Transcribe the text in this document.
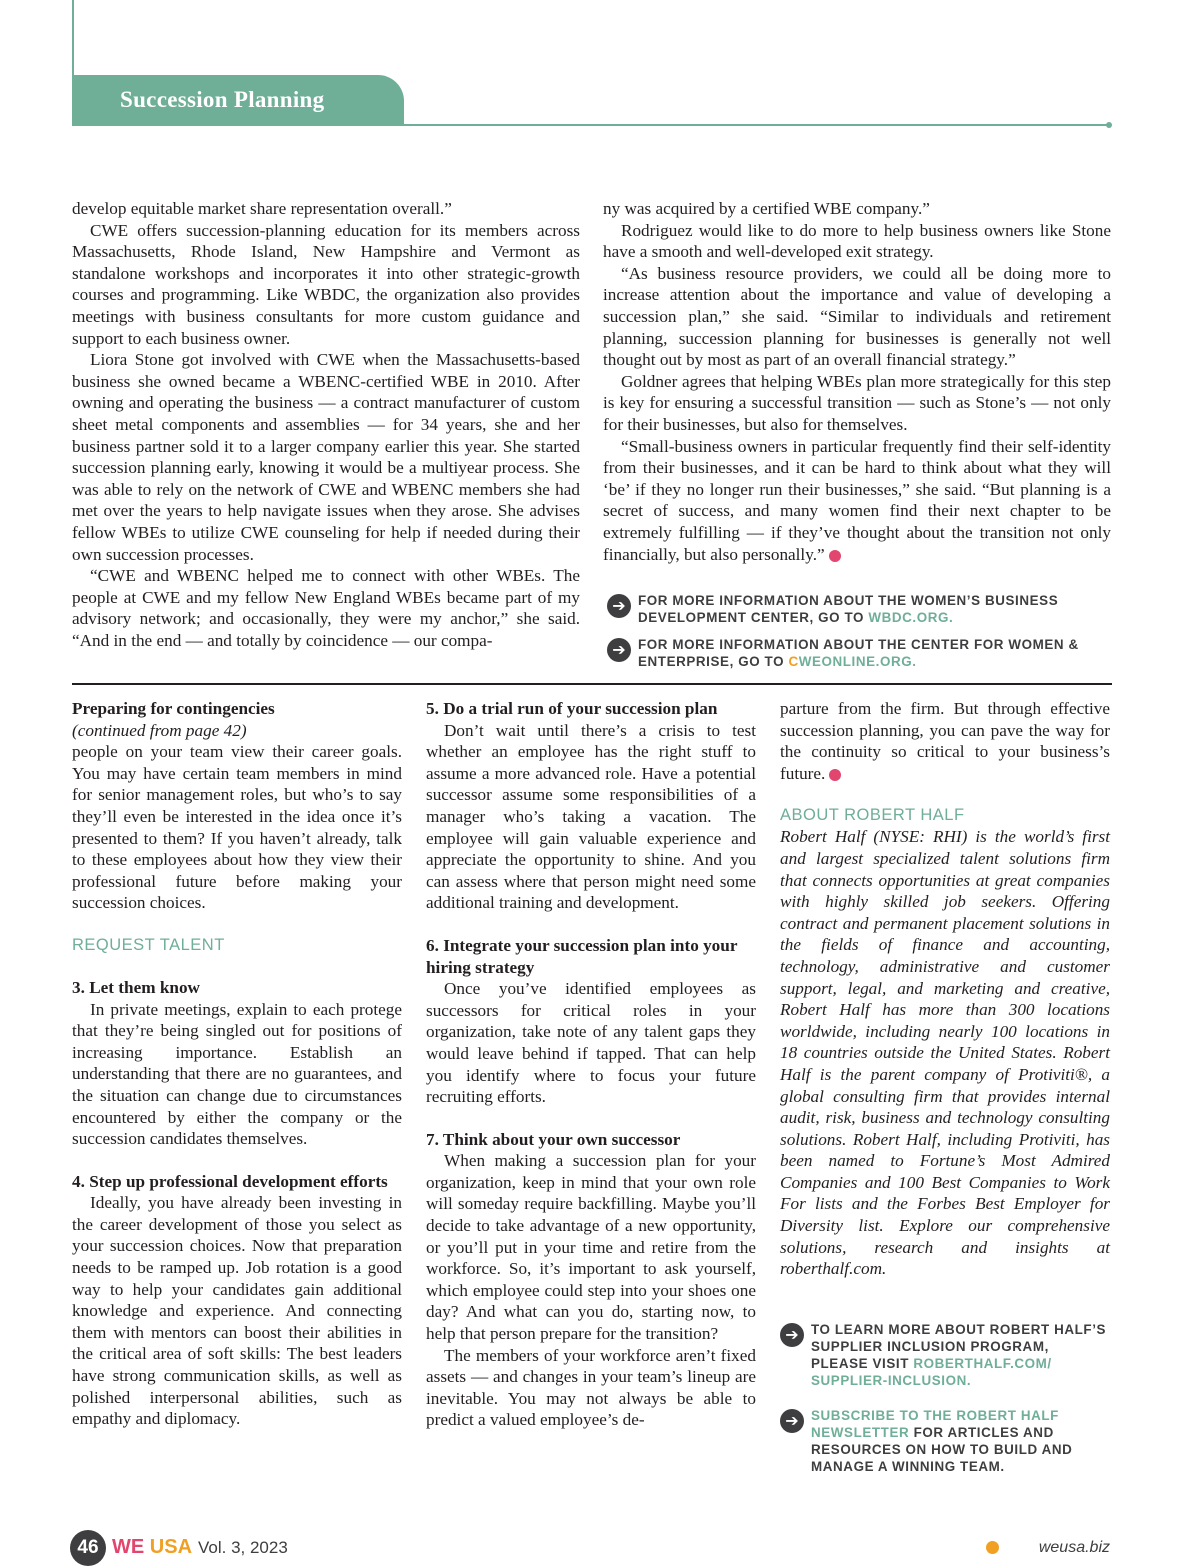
Succession Planning

develop equitable market share representation overall.”

CWE offers succession-planning education for its members across Massachusetts, Rhode Island, New Hampshire and Vermont as standalone workshops and incorporates it into other strategic-growth courses and programming. Like WBDC, the organization also provides meetings with business consultants for more custom guidance and support to each business owner.

Liora Stone got involved with CWE when the Massachusetts-based business she owned became a WBENC-certified WBE in 2010. After owning and operating the business — a contract manufacturer of custom sheet metal components and assemblies — for 34 years, she and her business partner sold it to a larger company earlier this year. She started succession planning early, knowing it would be a multiyear process. She was able to rely on the network of CWE and WBENC members she had met over the years to help navigate issues when they arose. She advises fellow WBEs to utilize CWE counseling for help if needed during their own succession processes.

“CWE and WBENC helped me to connect with other WBEs. The people at CWE and my fellow New England WBEs became part of my advisory network; and occasionally, they were my anchor,” she said. “And in the end — and totally by coincidence — our compa-

ny was acquired by a certified WBE company.”

Rodriguez would like to do more to help business owners like Stone have a smooth and well-developed exit strategy.

“As business resource providers, we could all be doing more to increase attention about the importance and value of developing a succession plan,” she said. “Similar to individuals and retirement planning, succession planning for businesses is generally not well thought out by most as part of an overall financial strategy.”

Goldner agrees that helping WBEs plan more strategically for this step is key for ensuring a successful transition — such as Stone’s — not only for their businesses, but also for themselves.

“Small-business owners in particular frequently find their self-identity from their businesses, and it can be hard to think about what they will ‘be’ if they no longer run their businesses,” she said. “But planning is a secret of success, and many women find their next chapter to be extremely fulfilling — if they’ve thought about the transition not only financially, but also personally.”

➔ FOR MORE INFORMATION ABOUT THE WOMEN’S BUSINESS DEVELOPMENT CENTER, GO TO WBDC.ORG.
➔ FOR MORE INFORMATION ABOUT THE CENTER FOR WOMEN & ENTERPRISE, GO TO CWEONLINE.ORG.
Preparing for contingencies

(continued from page 42)

people on your team view their career goals. You may have certain team members in mind for senior management roles, but who’s to say they’ll even be interested in the idea once it’s presented to them? If you haven’t already, talk to these employees about how they view their professional future before making your succession choices.

REQUEST TALENT

3. Let them know

In private meetings, explain to each protege that they’re being singled out for positions of increasing importance. Establish an understanding that there are no guarantees, and the situation can change due to circumstances encountered by either the company or the succession candidates themselves.

4. Step up professional development efforts

Ideally, you have already been investing in the career development of those you select as your succession choices. Now that preparation needs to be ramped up. Job rotation is a good way to help your candidates gain additional knowledge and experience. And connecting them with mentors can boost their abilities in the critical area of soft skills: The best leaders have strong communication skills, as well as polished interpersonal abilities, such as empathy and diplomacy.

5. Do a trial run of your succession plan

Don’t wait until there’s a crisis to test whether an employee has the right stuff to assume a more advanced role. Have a potential successor assume some responsibilities of a manager who’s taking a vacation. The employee will gain valuable experience and appreciate the opportunity to shine. And you can assess where that person might need some additional training and development.

6. Integrate your succession plan into your hiring strategy

Once you’ve identified employees as successors for critical roles in your organization, take note of any talent gaps they would leave behind if tapped. That can help you identify where to focus your future recruiting efforts.

7. Think about your own successor

When making a succession plan for your organization, keep in mind that your own role will someday require backfilling. Maybe you’ll decide to take advantage of a new opportunity, or you’ll put in your time and retire from the workforce. So, it’s important to ask yourself, which employee could step into your shoes one day? And what can you do, starting now, to help that person prepare for the transition?

The members of your workforce aren’t fixed assets — and changes in your team’s lineup are inevitable. You may not always be able to predict a valued employee’s de-

parture from the firm. But through effective succession planning, you can pave the way for the continuity so critical to your business’s future.

ABOUT ROBERT HALF

Robert Half (NYSE: RHI) is the world’s first and largest specialized talent solutions firm that connects opportunities at great companies with highly skilled job seekers. Offering contract and permanent placement solutions in the fields of finance and accounting, technology, administrative and customer support, legal, and marketing and creative, Robert Half has more than 300 locations worldwide, including nearly 100 locations in 18 countries outside the United States. Robert Half is the parent company of Protiviti®, a global consulting firm that provides internal audit, risk, business and technology consulting solutions. Robert Half, including Protiviti, has been named to Fortune’s Most Admired Companies and 100 Best Companies to Work For lists and the Forbes Best Employer for Diversity list. Explore our comprehensive solutions, research and insights at roberthalf.com.

➔ TO LEARN MORE ABOUT ROBERT HALF’S SUPPLIER INCLUSION PROGRAM, PLEASE VISIT ROBERTHALF.COM/ SUPPLIER-INCLUSION.
➔ SUBSCRIBE TO THE ROBERT HALF NEWSLETTER FOR ARTICLES AND RESOURCES ON HOW TO BUILD AND MANAGE A WINNING TEAM.
46 WE USA Vol. 3, 2023	weusa.biz
